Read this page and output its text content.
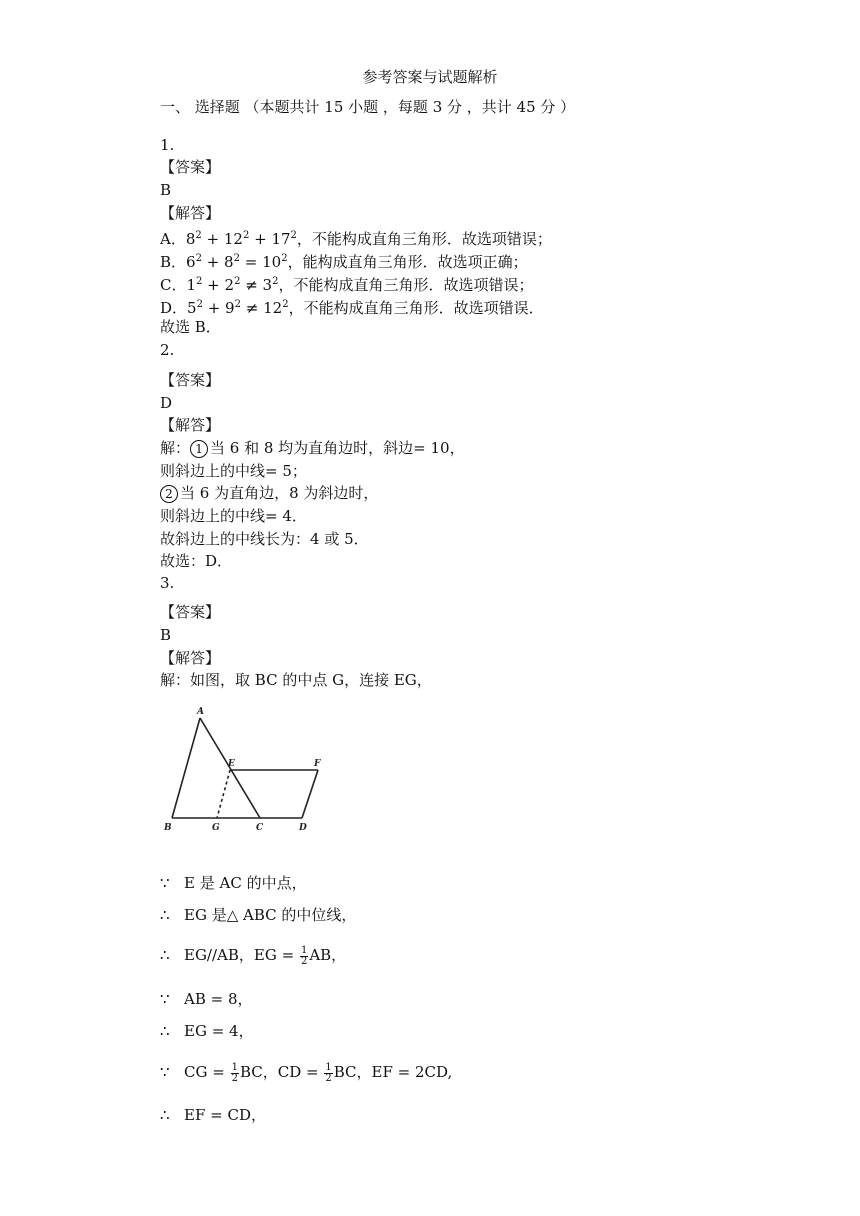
参考答案与试题解析
一、 选择题 （本题共计 15 小题 ，每题 3 分 ，共计 45 分 ）
1.
【答案】
B
【解答】
A．$8^2 + 12^2 + 17^2$，不能构成直角三角形．故选项错误；
B．$6^2 + 8^2 = 10^2$，能构成直角三角形．故选项正确；
C．$1^2 + 2^2 \ne 3^2$，不能构成直角三角形．故选项错误；
D．$5^2 + 9^2 \ne 12^2$，不能构成直角三角形．故选项错误．
故选 B．
2.
【答案】
D
【解答】
解： 1 当 6 和 8 均为直角边时，斜边= 10，
则斜边上的中线= 5；
2 当 6 为直角边，8 为斜边时，
则斜边上的中线= 4．
故斜边上的中线长为：4 或 5．
故选：D．
3.
【答案】
B
【解答】
解：如图，取 BC 的中点 G，连接 EG，
A
B	G	C	D
E	F
∵ E 是 AC 的中点，
∴ EG 是△ ABC 的中位线，
∴ EG//AB，EG = $\frac{1}{2}$ AB，
∵ AB = 8，
∴ EG = 4，
∵ CG = $\frac{1}{2}$ BC，CD = $\frac{1}{2}$ BC，EF = 2CD,
∴ EF = CD，
